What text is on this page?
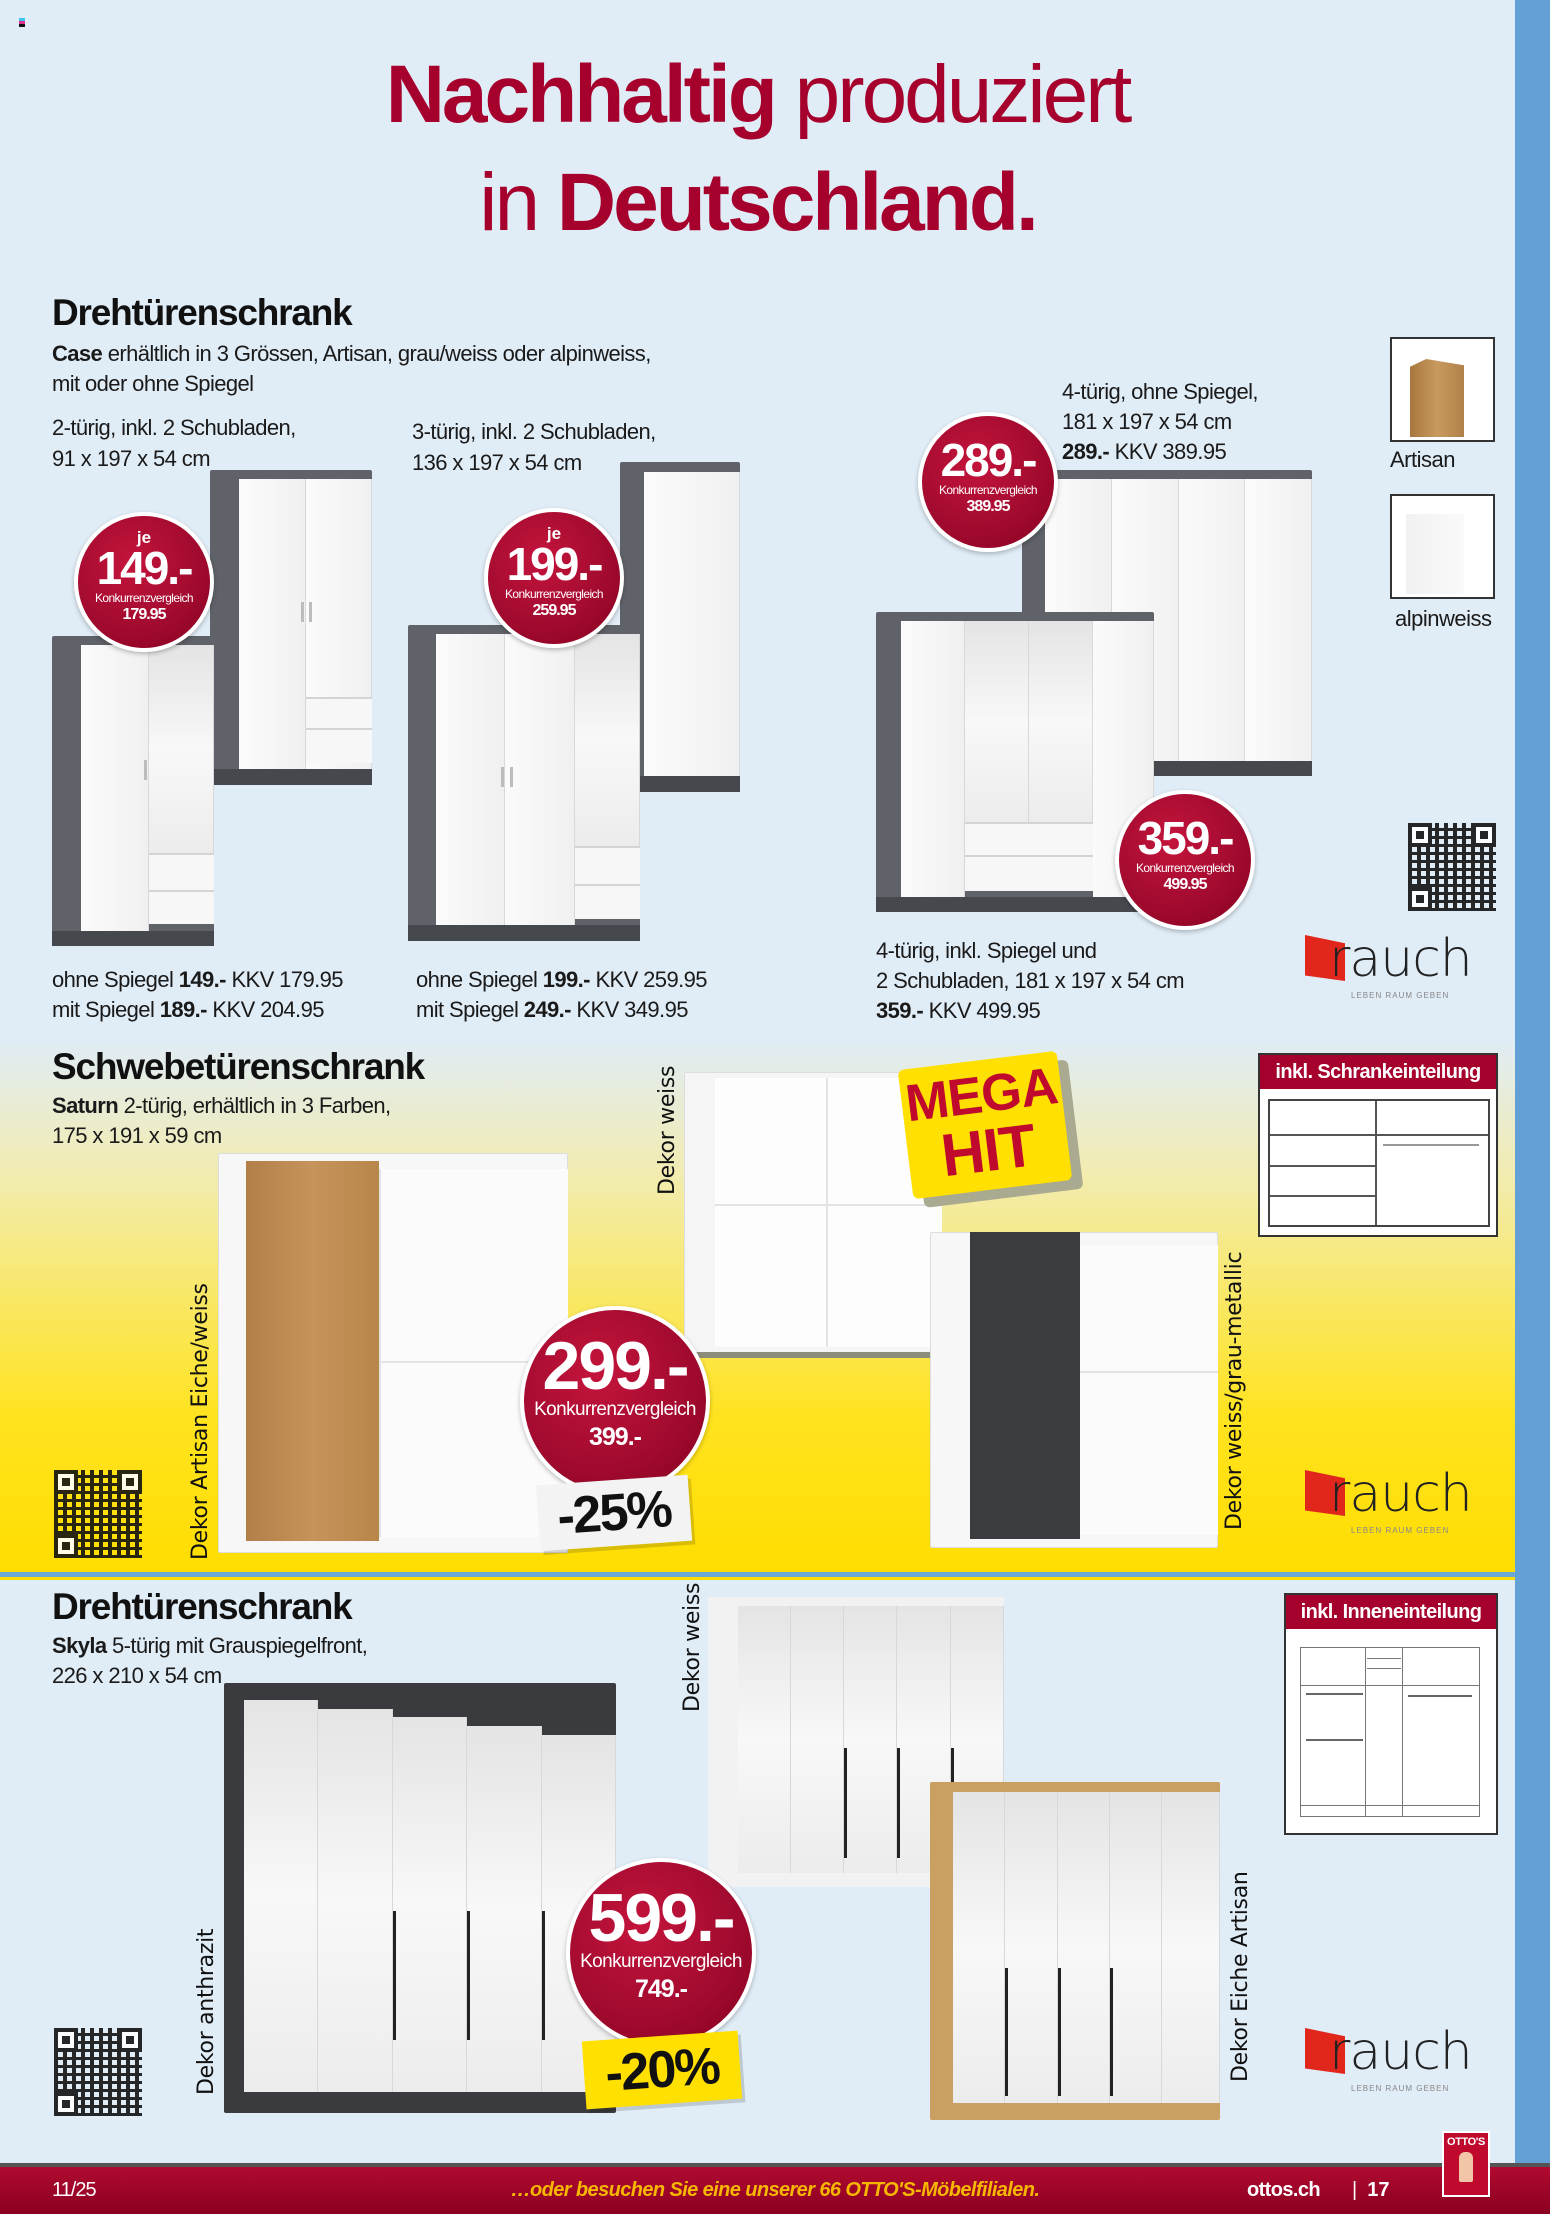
Nachhaltig produziert
in Deutschland.
Drehtürenschrank
Case erhältlich in 3 Grössen, Artisan, grau/weiss oder alpinweiss,
mit oder ohne Spiegel
2-türig, inkl. 2 Schubladen,
91 x 197 x 54 cm
3-türig, inkl. 2 Schubladen,
136 x 197 x 54 cm
4-türig, ohne Spiegel,
181 x 197 x 54 cm
289.- KKV 389.95
je
149.-
Konkurrenzvergleich
179.95
je
199.-
Konkurrenzvergleich
259.95
289.-
Konkurrenzvergleich
389.95
359.-
Konkurrenzvergleich
499.95
Artisan
alpinweiss
rauch
LEBEN RAUM GEBEN
ohne Spiegel 149.- KKV 179.95
mit Spiegel 189.- KKV 204.95
ohne Spiegel 199.- KKV 259.95
mit Spiegel 249.- KKV 349.95
4-türig, inkl. Spiegel und
2 Schubladen, 181 x 197 x 54 cm
359.- KKV 499.95
Schwebetürenschrank
Saturn 2-türig, erhältlich in 3 Farben,
175 x 191 x 59 cm
Dekor Artisan Eiche/weiss
Dekor weiss
Dekor weiss/grau-metallic
MEGA
HIT
299.-
Konkurrenzvergleich
399.-
-25%
inkl. Schrankeinteilung
rauch
LEBEN RAUM GEBEN
Drehtürenschrank
Skyla 5-türig mit Grauspiegelfront,
226 x 210 x 54 cm
Dekor anthrazit
Dekor weiss
Dekor Eiche Artisan
599.-
Konkurrenzvergleich
749.-
-20%
inkl. Inneneinteilung
rauch
LEBEN RAUM GEBEN
11/25	…oder besuchen Sie eine unserer 66 OTTO'S-Möbelfilialen.	ottos.ch | 17
OTTO'S
